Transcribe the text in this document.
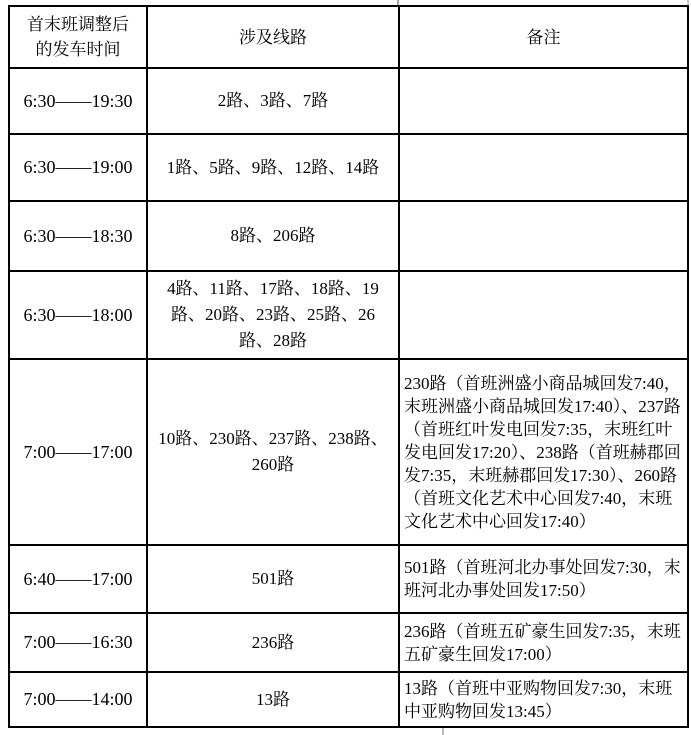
首末班调整后的发车时间	涉及线路	备注
6:30——19:30	2路、3路、7路	
6:30——19:00	1路、5路、9路、12路、14路	
6:30——18:30	8路、206路	
6:30——18:00	4路、11路、17路、18路、19路、20路、23路、25路、26路、28路	
7:00——17:00	10路、230路、237路、238路、260路	230路（首班洲盛小商品城回发7:40，末班洲盛小商品城回发17:40）、237路（首班红叶发电回发7:35，末班红叶发电回发17:20）、238路（首班赫郡回发7:35，末班赫郡回发17:30）、260路（首班文化艺术中心回发7:40，末班文化艺术中心回发17:40）
6:40——17:00	501路	501路（首班河北办事处回发7:30，末班河北办事处回发17:50）
7:00——16:30	236路	236路（首班五矿豪生回发7:35，末班五矿豪生回发17:00）
7:00——14:00	13路	13路（首班中亚购物回发7:30，末班中亚购物回发13:45）
